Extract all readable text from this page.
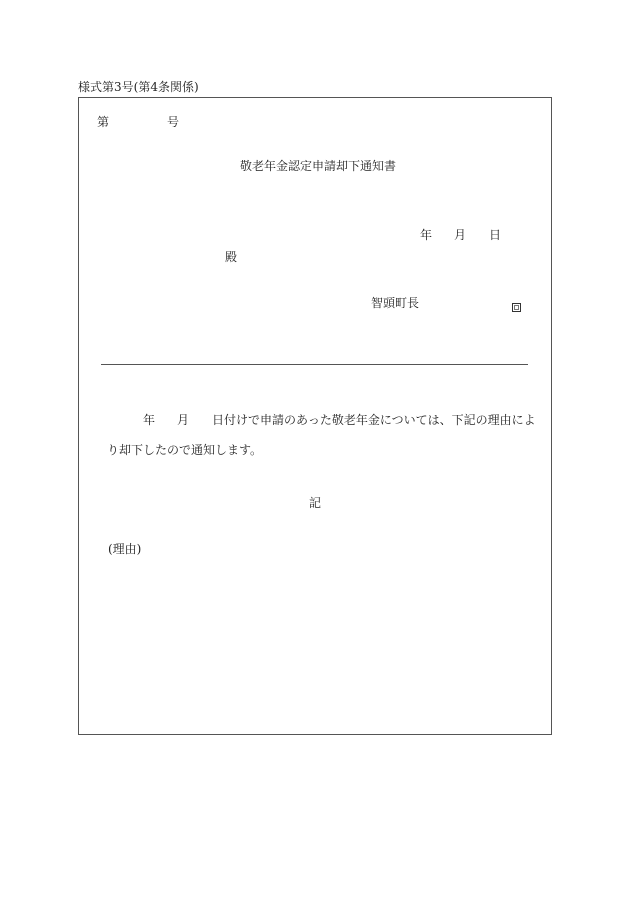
様式第3号(第4条関係)
第	号
敬老年金認定申請却下通知書
年 月 日
殿
智頭町長
年 月 日付けで申請のあった敬老年金については、下記の理由によ
り却下したので通知します。
記
(理由)
